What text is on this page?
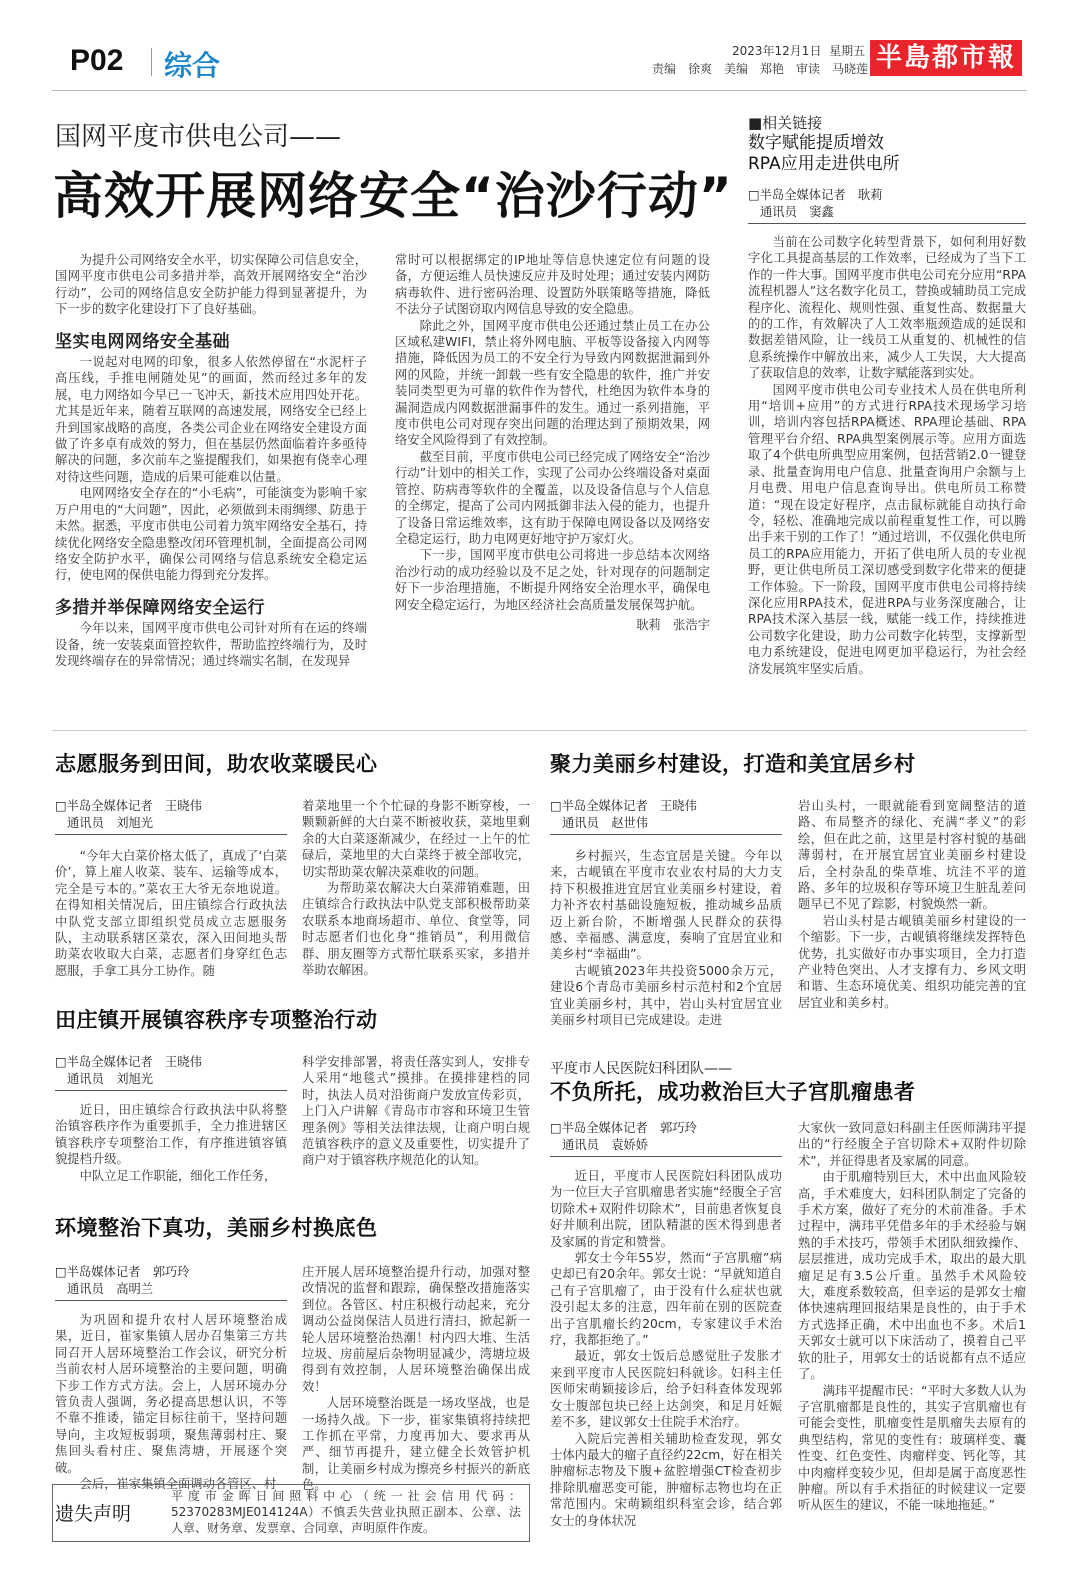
P02 综合	2023年12月1日 星期五
责编　徐爽　美编　郑艳　审读　马晓莲 半島都市報
国网平度市供电公司——
高效开展网络安全“治沙行动”

为提升公司网络安全水平，切实保障公司信息安全，国网平度市供电公司多措并举，高效开展网络安全“治沙行动”，公司的网络信息安全防护能力得到显著提升，为下一步的数字化建设打下了良好基础。

坚实电网网络安全基础

一说起对电网的印象，很多人依然停留在“水泥杆子高压线，手推电闸随处见”的画面，然而经过多年的发展，电力网络如今早已一飞冲天，新技术应用四处开花。尤其是近年来，随着互联网的高速发展，网络安全已经上升到国家战略的高度，各类公司企业在网络安全建设方面做了许多卓有成效的努力，但在基层仍然面临着许多亟待解决的问题，多次前车之鉴提醒我们，如果抱有侥幸心理对待这些问题，造成的后果可能难以估量。

电网网络安全存在的“小毛病”，可能演变为影响千家万户用电的“大问题”，因此，必须做到未雨绸缪、防患于未然。据悉，平度市供电公司着力筑牢网络安全基石，持续优化网络安全隐患整改闭环管理机制，全面提高公司网络安全防护水平，确保公司网络与信息系统安全稳定运行，使电网的保供电能力得到充分发挥。

多措并举保障网络安全运行

今年以来，国网平度市供电公司针对所有在运的终端设备，统一安装桌面管控软件，帮助监控终端行为，及时发现终端存在的异常情况；通过终端实名制，在发现异

常时可以根据绑定的IP地址等信息快速定位有问题的设备，方便运维人员快速反应并及时处理；通过安装内网防病毒软件、进行密码治理、设置防外联策略等措施，降低不法分子试图窃取内网信息导致的安全隐患。

除此之外，国网平度市供电公还通过禁止员工在办公区域私建WIFI，禁止将外网电脑、平板等设备接入内网等措施，降低因为员工的不安全行为导致内网数据泄漏到外网的风险，并统一卸载一些有安全隐患的软件，推广并安装同类型更为可靠的软件作为替代，杜绝因为软件本身的漏洞造成内网数据泄漏事件的发生。通过一系列措施，平度市供电公司对现存突出问题的治理达到了预期效果，网络安全风险得到了有效控制。

截至目前，平度市供电公司已经完成了网络安全“治沙行动”计划中的相关工作，实现了公司办公终端设备对桌面管控、防病毒等软件的全覆盖，以及设备信息与个人信息的全绑定，提高了公司内网抵御非法入侵的能力，也提升了设备日常运维效率，这有助于保障电网设备以及网络安全稳定运行，助力电网更好地守护万家灯火。

下一步，国网平度市供电公司将进一步总结本次网络治沙行动的成功经验以及不足之处，针对现存的问题制定好下一步治理措施，不断提升网络安全治理水平，确保电网安全稳定运行，为地区经济社会高质量发展保驾护航。

耿莉　张浩宇
■相关链接
数字赋能提质增效
RPA应用走进供电所
□半岛全媒体记者　耿莉
通讯员　窦鑫

当前在公司数字化转型背景下，如何利用好数字化工具提高基层的工作效率，已经成为了当下工作的一件大事。国网平度市供电公司充分应用“RPA流程机器人”这名数字化员工，替换或辅助员工完成程序化、流程化、规则性强、重复性高、数据量大的的工作，有效解决了人工效率瓶颈造成的延误和数据差错风险，让一线员工从重复的、机械性的信息系统操作中解放出来，减少人工失误，大大提高了获取信息的效率，让数字赋能落到实处。

国网平度市供电公司专业技术人员在供电所利用“培训+应用”的方式进行RPA技术现场学习培训，培训内容包括RPA概述、RPA理论基础、RPA管理平台介绍、RPA典型案例展示等。应用方面选取了4个供电所典型应用案例，包括营销2.0一键登录、批量查询用电户信息、批量查询用户余额与上月电费、用电户信息查询导出。供电所员工称赞道：“现在设定好程序，点击鼠标就能自动执行命令，轻松、准确地完成以前程重复性工作，可以腾出手来干别的工作了！”通过培训，不仅强化供电所员工的RPA应用能力，开拓了供电所人员的专业视野，更让供电所员工深切感受到数字化带来的便捷工作体验。下一阶段，国网平度市供电公司将持续深化应用RPA技术，促进RPA与业务深度融合，让RPA技术深入基层一线，赋能一线工作，持续推进公司数字化建设，助力公司数字化转型，支撑新型电力系统建设，促进电网更加平稳运行，为社会经济发展筑牢坚实后盾。

志愿服务到田间，助农收菜暖民心
□半岛全媒体记者　王晓伟
通讯员　刘旭光

“今年大白菜价格太低了，真成了‘白菜价’，算上雇人收菜、装车、运输等成本，完全是亏本的。”菜农王大爷无奈地说道。在得知相关情况后，田庄镇综合行政执法中队党支部立即组织党员成立志愿服务队，主动联系辖区菜农，深入田间地头帮助菜农收取大白菜，志愿者们身穿红色志愿服，手拿工具分工协作。随

着菜地里一个个忙碌的身影不断穿梭，一颗颗新鲜的大白菜不断被收获，菜地里剩余的大白菜逐渐减少，在经过一上午的忙碌后，菜地里的大白菜终于被全部收完，切实帮助菜农解决菜难收的问题。

为帮助菜农解决大白菜滞销难题，田庄镇综合行政执法中队党支部积极帮助菜农联系本地商场超市、单位、食堂等，同时志愿者们也化身“推销员”，利用微信群、朋友圈等方式帮忙联系买家，多措并举助农解困。

田庄镇开展镇容秩序专项整治行动
□半岛全媒体记者　王晓伟
通讯员　刘旭光

近日，田庄镇综合行政执法中队将整治镇容秩序作为重要抓手，全力推进辖区镇容秩序专项整治工作，有序推进镇容镇貌提档升级。

中队立足工作职能，细化工作任务，

科学安排部署，将责任落实到人，安排专人采用“地毯式”摸排。在摸排建档的同时，执法人员对沿街商户发放宣传彩页，上门入户讲解《青岛市市容和环境卫生管理条例》等相关法律法规，让商户明白规范镇容秩序的意义及重要性，切实提升了商户对于镇容秩序规范化的认知。

环境整治下真功，美丽乡村换底色
□半岛媒体记者　郭巧玲
通讯员　高明兰

为巩固和提升农村人居环境整治成果，近日，崔家集镇人居办召集第三方共同召开人居环境整治工作会议，研究分析当前农村人居环境整治的主要问题，明确下步工作方式方法。会上，人居环境办分管负责人强调，务必提高思想认识，不等不靠不推诿，锚定目标往前干，坚持问题导向，主攻短板弱项，聚焦薄弱村庄、聚焦回头看村庄、聚焦湾塘，开展逐个突破。

会后，崔家集镇全面调动各管区、村

庄开展人居环境整治提升行动，加强对整改情况的监督和跟踪，确保整改措施落实到位。各管区、村庄积极行动起来，充分调动公益岗保洁人员进行清扫，掀起新一轮人居环境整治热潮！村内四大堆、生活垃圾、房前屋后杂物明显减少，湾塘垃圾得到有效控制，人居环境整治确保出成效！

人居环境整治既是一场攻坚战，也是一场持久战。下一步，崔家集镇将持续把工作抓在平常，力度再加大、要求再从严、细节再提升，建立健全长效管护机制，让美丽乡村成为擦亮乡村振兴的新底色。

遗失声明
平度市金晖日间照料中心（统一社会信用代码：52370283MJE014124A）不慎丢失营业执照正副本、公章、法人章、财务章、发票章、合同章，声明原件作废。
聚力美丽乡村建设，打造和美宜居乡村
□半岛全媒体记者　王晓伟
通讯员　赵世伟

乡村振兴，生态宜居是关键。今年以来，古岘镇在平度市农业农村局的大力支持下积极推进宜居宜业美丽乡村建设，着力补齐农村基础设施短板，推动城乡品质迈上新台阶，不断增强人民群众的获得感、幸福感、满意度，奏响了宜居宜业和美乡村“幸福曲”。

古岘镇2023年共投资5000余万元，建设6个青岛市美丽乡村示范村和2个宜居宜业美丽乡村，其中，岩山头村宜居宜业美丽乡村项目已完成建设。走进

岩山头村，一眼就能看到宽阔整洁的道路、布局整齐的绿化、充满“孝义”的彩绘，但在此之前，这里是村容村貌的基础薄弱村，在开展宜居宜业美丽乡村建设后，全村杂乱的柴草堆、坑洼不平的道路、多年的垃圾积存等环境卫生脏乱差问题早已不见了踪影，村貌焕然一新。

岩山头村是古岘镇美丽乡村建设的一个缩影。下一步，古岘镇将继续发挥特色优势，扎实做好市办事实项目，全力打造产业特色突出、人才支撑有力、乡风文明和谐、生态环境优美、组织功能完善的宜居宜业和美乡村。

平度市人民医院妇科团队——
不负所托，成功救治巨大子宫肌瘤患者
□半岛全媒体记者　郭巧玲
通讯员　袁娇娇

近日，平度市人民医院妇科团队成功为一位巨大子宫肌瘤患者实施“经腹全子宫切除术+双附件切除术”，目前患者恢复良好并顺利出院，团队精湛的医术得到患者及家属的肯定和赞誉。

郭女士今年55岁，然而“子宫肌瘤”病史却已有20余年。郭女士说：“早就知道自己有子宫肌瘤了，由于没有什么症状也就没引起太多的注意，四年前在别的医院查出子宫肌瘤长约20cm，专家建议手术治疗，我都拒绝了。”

最近，郭女士饭后总感觉肚子发胀才来到平度市人民医院妇科就诊。妇科主任医师宋萌颖接诊后，给予妇科查体发现郭女士腹部包块已经上达剑突，和足月妊娠差不多，建议郭女士住院手术治疗。

入院后完善相关辅助检查发现，郭女士体内最大的瘤子直径约22cm，好在相关肿瘤标志物及下腹+盆腔增强CT检查初步排除肌瘤恶变可能，肿瘤标志物也均在正常范围内。宋萌颖组织科室会诊，结合郭女士的身体状况

大家伙一致同意妇科副主任医师满玮平提出的“行经腹全子宫切除术+双附件切除术”，并征得患者及家属的同意。

由于肌瘤特别巨大，术中出血风险较高，手术难度大，妇科团队制定了完备的手术方案，做好了充分的术前准备。手术过程中，满玮平凭借多年的手术经验与娴熟的手术技巧，带领手术团队细致操作、层层推进，成功完成手术，取出的最大肌瘤足足有3.5公斤重。虽然手术风险较大，难度系数较高，但幸运的是郭女士瘤体快速病理回报结果是良性的，由于手术方式选择正确，术中出血也不多。术后1天郭女士就可以下床活动了，摸着自己平软的肚子，用郭女士的话说都有点不适应了。

满玮平提醒市民：“平时大多数人认为子宫肌瘤都是良性的，其实子宫肌瘤也有可能会变性，肌瘤变性是肌瘤失去原有的典型结构，常见的变性有：玻璃样变、囊性变、红色变性、肉瘤样变、钙化等，其中肉瘤样变较少见，但却是属于高度恶性肿瘤。所以有手术指征的时候建议一定要听从医生的建议，不能一味地拖延。”
